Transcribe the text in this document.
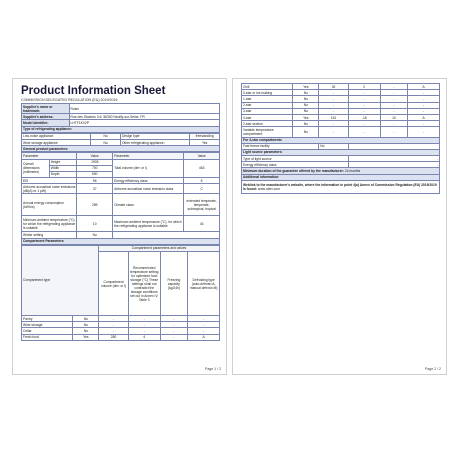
Product Information Sheet
COMMISSION DELEGATED REGULATION (EU) 2019/2016
Supplier's name or trademark:	Rolex
Supplier's address:	Rue des Glaciers 3-6, 56300 Neuilly-sur-Seine, FR
Model identifier:	LHTF1KX2P
Type of refrigerating appliance:	
Low-noise appliance:	No	Design type:	freestanding
Wine storage appliance:	No	Other refrigerating appliance:	Yes
General product parameters:			
Parameter		Value	Parameter	Value
Overall dimensions (millimetre)	Height	1905	Total volume (dm³ or l)	463
	Width	700		
	Depth	690		
EEI		96	Energy efficiency class	E
Airborne acoustical noise emissions (dB(A) re 1 pW)		37	Airborne acoustical noise emission class	C
Annual energy consumption (kWh/a)		289	Climate class:	extended temperate, temperate, subtropical, tropical
Minimum ambient temperature (°C), for which the refrigerating appliance is suitable		10	Maximum ambient temperature (°C), for which the refrigerating appliance is suitable	43
Winter setting		No		
Compartment Parameters:				
Compartment type		Compartment parameters and values			
		Compartment volume (dm³ or l)	Recommended temperature setting for optimised food storage (°C) These settings shall not contradict the storage conditions set out in Annex IV, Table 3	Freezing capacity (kg/24h)	Defrosting type (auto-defrost=A, manual defrost=M)
Pantry	No	-	-	-	-
Wine storage	No	-	-	-	-
Cellar	No	-	-	-	-
Fresh food	Yes	280	4	-	A
Page 1 / 2
Chill	Yes	32	2	-	A
0-star or ice-making	No	-	-	-	-
1-star	No	-	-	-	-
2-star	No	-	-	-	-
3-star	No	-	-	-	-
4-star	Yes	151	-18	10	A
2-star section	No	-	-	-	-
Variable temperature compartment	No	-	-	-	-
For 4-star compartments					
Fast freeze facility		No			
Light source parameters:					
Type of light source			-		
Energy efficiency class			-		
Minimum duration of the guarantee offered by the manufacturer: 24 months					
Additional information:					
Weblink to the manufacturer's website, where the information in point 4(a) Annex of Commission Regulation (EU) 2019/2019 is found: www.rolex.com					
Page 2 / 2
